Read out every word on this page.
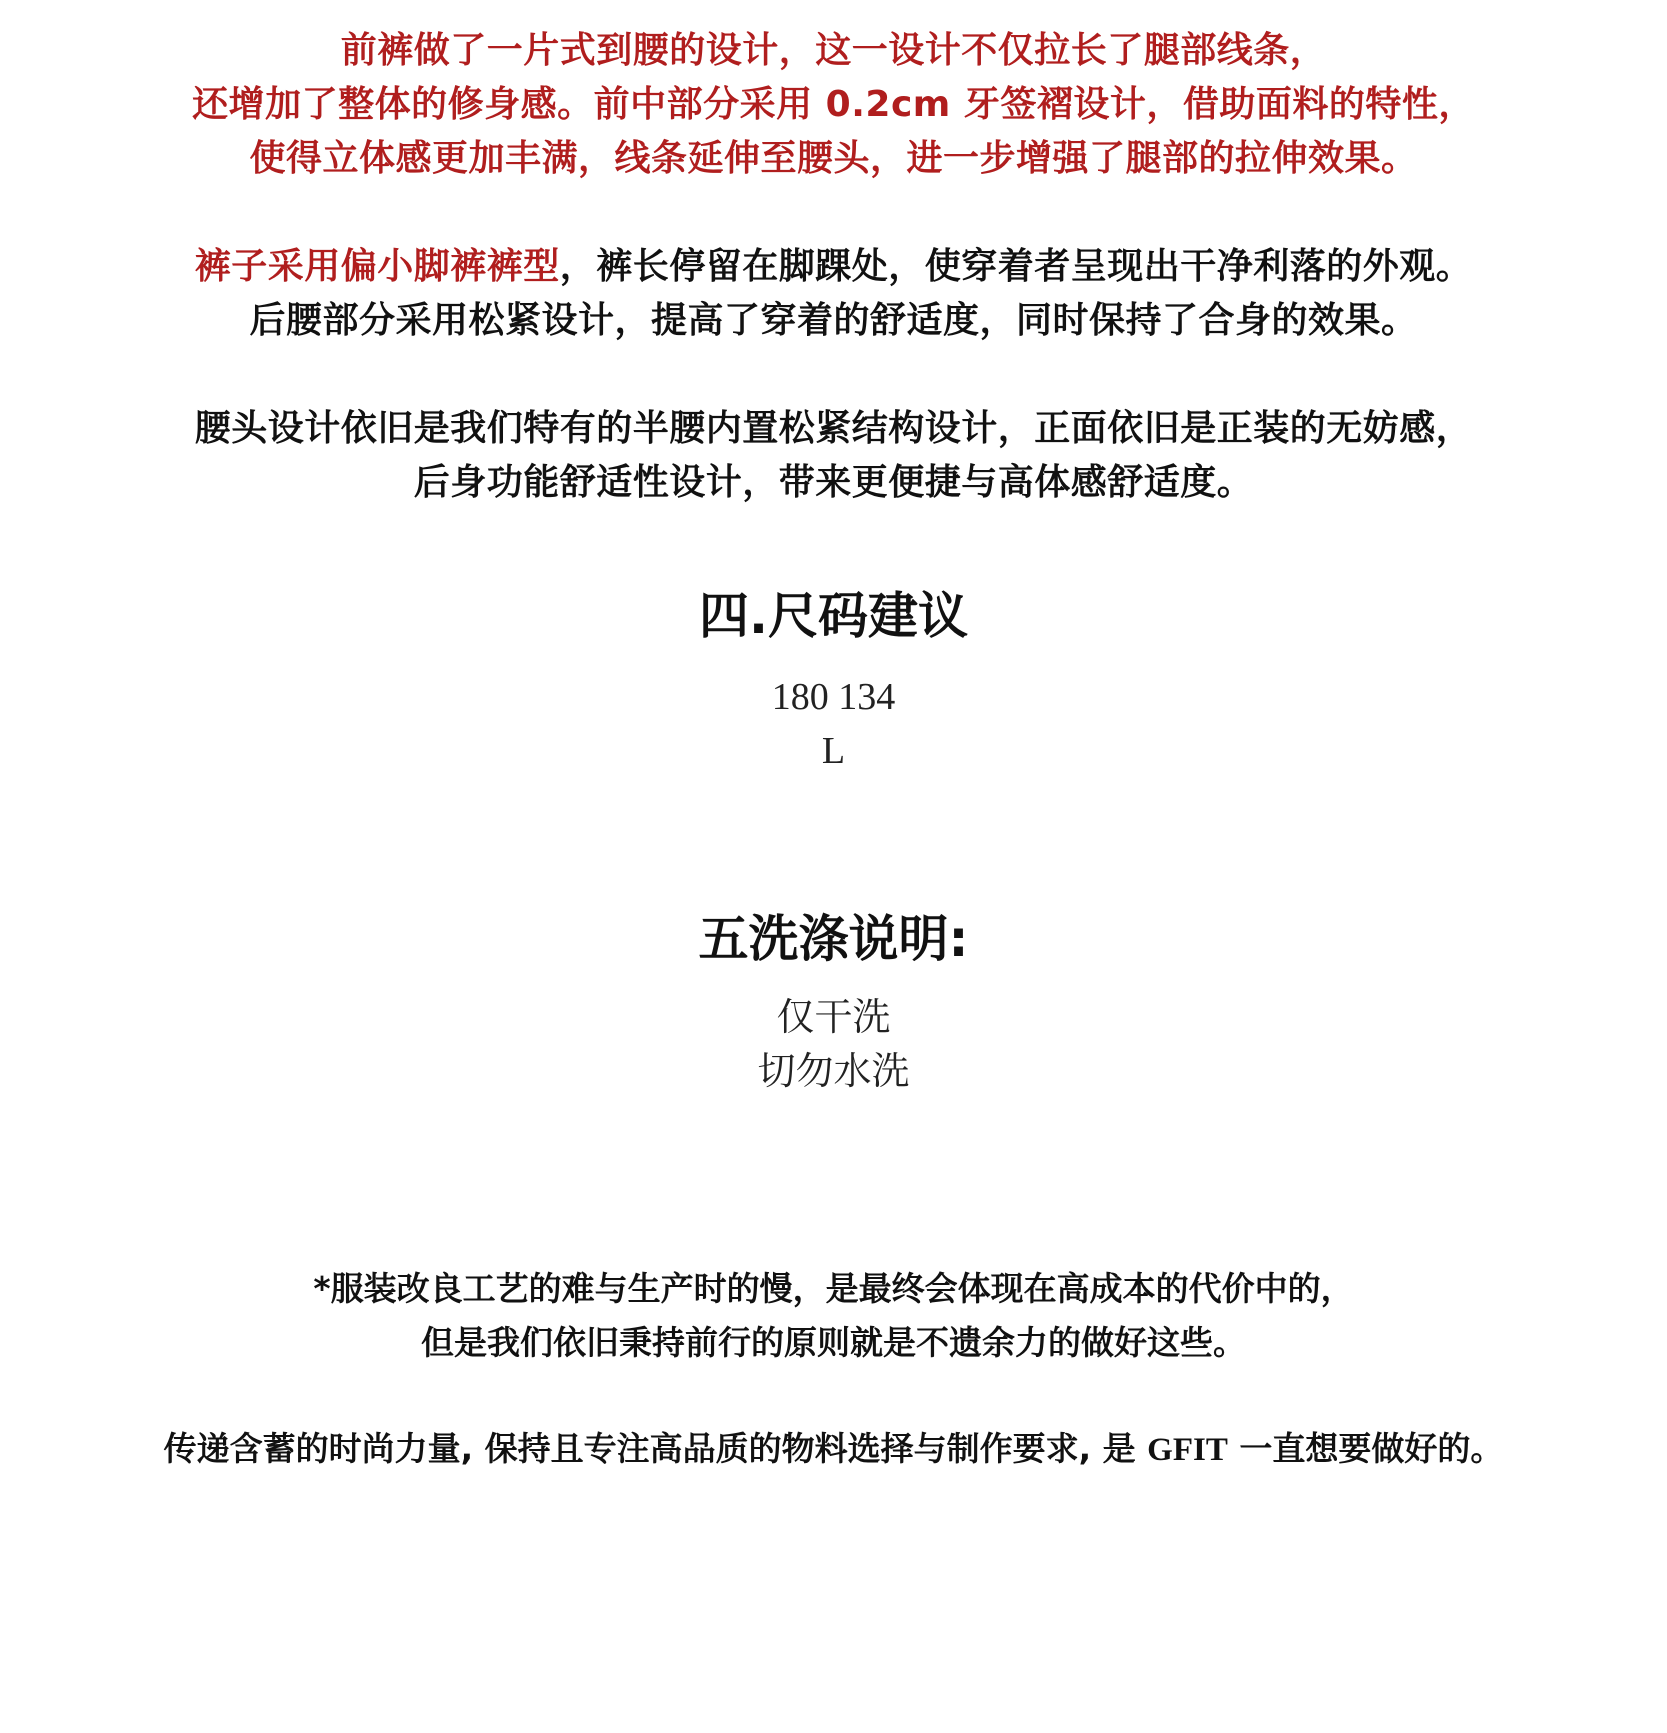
前裤做了一片式到腰的设计，这一设计不仅拉长了腿部线条，
还增加了整体的修身感。前中部分采用 0.2cm 牙签褶设计，借助面料的特性，
使得立体感更加丰满，线条延伸至腰头，进一步增强了腿部的拉伸效果。
裤子采用偏小脚裤裤型，裤长停留在脚踝处，使穿着者呈现出干净利落的外观。
后腰部分采用松紧设计，提高了穿着的舒适度，同时保持了合身的效果。
腰头设计依旧是我们特有的半腰内置松紧结构设计，正面依旧是正装的无妨感，
后身功能舒适性设计，带来更便捷与高体感舒适度。
四.尺码建议
180 134
L
五洗涤说明:
仅干洗
切勿水洗
*服装改良工艺的难与生产时的慢，是最终会体现在高成本的代价中的，
但是我们依旧秉持前行的原则就是不遗余力的做好这些。
传递含蓄的时尚力量, 保持且专注高品质的物料选择与制作要求, 是 GFIT 一直想要做好的。
